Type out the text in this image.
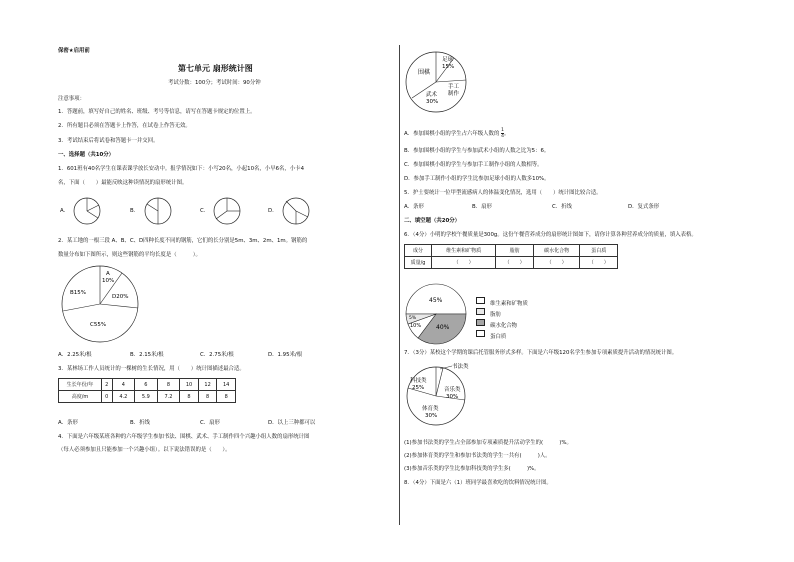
保密★启用前
第七单元 扇形统计图
考试分数：100分；考试时间：90分钟
注意事项：
1．答题前，填写好自己的姓名、班级、考号等信息，请写在答题卡规定的位置上。
2．所有题目必须在答题卡上作答，在试卷上作答无效。
3．考试结束后将试卷和答题卡一并交回。
一、选择题（共10分）
1．601班有40名学生在课表课学放长安动中。报学情况如下：小写20名，小起10名，小早6名，小卡4
名，下面（　　）最能反映这种读情况的扇形统计图。
A.	B.	C.	D.
2．某工地的一根三段 A、B、C、D四种长度不同的钢筋，它们的长分别是5m、3m、2m、1m。钢筋的
数量分布如下图所示，则这些钢筋的平均长度是（　　　）。
A
10%
B15%
D20%
C55%
A．2.25米/根	B．2.15米/根	C．2.75米/根	D．1.95米/根
3．某林场工作人员统计的一棵树的生长情况，用（　　）统计图描述最合适。
生长年份/年	2	4	6	8	10	12	14
高度/m	0	4.2	5.9	7.2	8	8	8
A．条形	B．折线	C．扇形	D．以上三种都可以
4．下面是六年级某班各种的六年级学生参加书法、围棋、武术、手工制作四个兴趣小组人数的扇形统计图
（每人必须参加且只能参加一个兴趣小组）。以下说法错误的是（　　）。
围棋
足球
15%
手工
制作
武术
30%
A．参加围棋小组的学生占六年级人数的 $\frac{1}{4}$ 。
B．参加围棋小组的学生与参加武术小组的人数之比为5：6。
C．参加围棋小组的学生与参加手工制作小组的人数相等。
D．参加手工制作小组的学生比参加足球小组的人数多10%。
5．护士要统计一位甲型流感病人的体温变化情况，选用（　　）统计图比较合适。
A．条形	B．扇形	C．折线	D．复式条形
二、填空题（共20分）
6．（4分）小明的学校午餐质量是300g。这份午餐营养成分的扇形统计图如下，请你计算各种营养成分的质量，填入表格。
成分	维生素和矿物质	脂肪	碳水化合物	蛋白质
质量/g	（　　）	（　　）	（　　）	（　　）
45%
5%
10% 40%
维生素和矿物质
脂肪
碳水化合物
蛋白质
7．（3分）某校这个学期的课后托管服务形式多样。下面是六年级120名学生参加专项素质提升活动的情况统计图。
书法类
科技类
25%	音乐类
30%
体育类
30%
(1)参加书法类的学生占全部参加专项素质提升活动学生的(　　　)%。
(2)参加体育类的学生和参加书法类的学生一共有(　　　)人。
(3)参加音乐类的学生比参加科技类的学生多(　　　)%。
8．（4分）下面是六（1）班同学最喜欢吃的饮料情况统计图。
